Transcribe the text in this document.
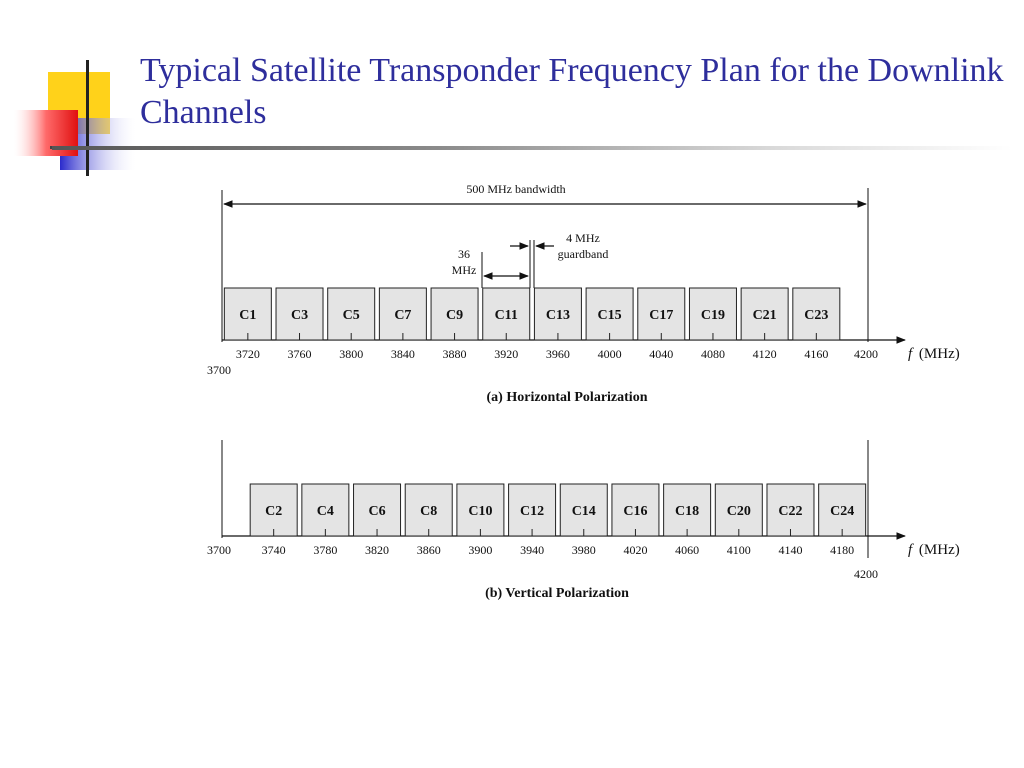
Typical Satellite Transponder Frequency Plan for the Downlink Channels
500 MHz bandwidth
36
MHz
4 MHz
guardband
3700
4200 f (MHz)
C1
3720
C3
3760
C5
3800
C7
3840
C9
3880
C11
3920
C13
3960
C15
4000
C17
4040
C19
4080
C21
4120
C23
4160
(a) Horizontal Polarization
3700
4200
f (MHz)
C2
3740
C4
3780
C6
3820
C8
3860
C10
3900
C12
3940
C14
3980
C16
4020
C18
4060
C20
4100
C22
4140
C24
4180
(b) Vertical Polarization
